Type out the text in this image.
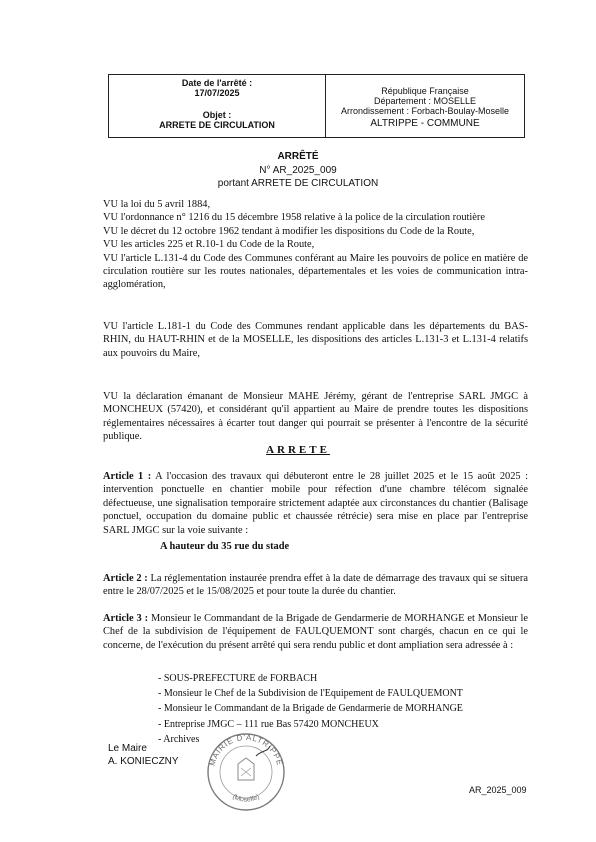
Date de l'arrêté :
17/07/2025
Objet :
ARRETE DE CIRCULATION
République Française
Département : MOSELLE
Arrondissement : Forbach-Boulay-Moselle
ALTRIPPE - COMMUNE
ARRÊTÉ
N° AR_2025_009
portant ARRETE DE CIRCULATION
VU la loi du 5 avril 1884,
VU l'ordonnance n° 1216 du 15 décembre 1958 relative à la police de la circulation routière
VU le décret du 12 octobre 1962 tendant à modifier les dispositions du Code de la Route,
VU les articles 225 et R.10-1 du Code de la Route,
VU l'article L.131-4 du Code des Communes conférant au Maire les pouvoirs de police en matière de circulation routière sur les routes nationales, départementales et les voies de communication intra-agglomération,
VU l'article L.181-1 du Code des Communes rendant applicable dans les départements du BAS-RHIN, du HAUT-RHIN et de la MOSELLE, les dispositions des articles L.131-3 et L.131-4 relatifs aux pouvoirs du Maire,
VU la déclaration émanant de Monsieur MAHE Jérémy, gérant de l'entreprise SARL JMGC à MONCHEUX (57420), et considérant qu'il appartient au Maire de prendre toutes les dispositions réglementaires nécessaires à écarter tout danger qui pourrait se présenter à l'encontre de la sécurité publique.
ARRETE
Article 1 : A l'occasion des travaux qui débuteront entre le 28 juillet 2025 et le 15 août 2025 : intervention ponctuelle en chantier mobile pour réfection d'une chambre télécom signalée défectueuse, une signalisation temporaire strictement adaptée aux circonstances du chantier (Balisage ponctuel, occupation du domaine public et chaussée rétrécie) sera mise en place par l'entreprise SARL JMGC sur la voie suivante :
A hauteur du 35 rue du stade
Article 2 : La réglementation instaurée prendra effet à la date de démarrage des travaux qui se situera entre le 28/07/2025 et le 15/08/2025 et pour toute la durée du chantier.
Article 3 : Monsieur le Commandant de la Brigade de Gendarmerie de MORHANGE et Monsieur le Chef de la subdivision de l'équipement de FAULQUEMONT sont chargés, chacun en ce qui le concerne, de l'exécution du présent arrêté qui sera rendu public et dont ampliation sera adressée à :
- SOUS-PREFECTURE de FORBACH
- Monsieur le Chef de la Subdivision de l'Equipement de FAULQUEMONT
- Monsieur le Commandant de la Brigade de Gendarmerie de MORHANGE
- Entreprise JMGC – 111 rue Bas 57420 MONCHEUX
- Archives
Le Maire
A. KONIECZNY	MAIRIE D'ALTRIPPE
(Moselle)
AR_2025_009
